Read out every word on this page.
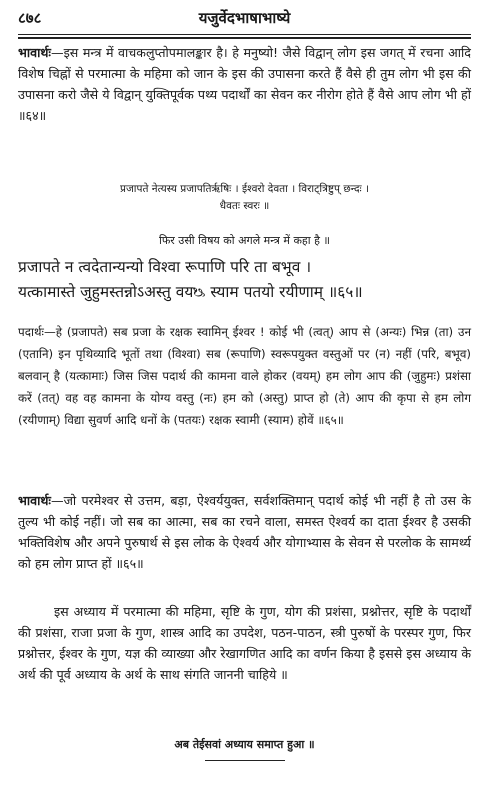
८७८	यजुर्वेदभाषाभाष्ये
भावार्थः—इस मन्त्र में वाचकलुप्तोपमालङ्कार है। हे मनुष्यो! जैसे विद्वान् लोग इस जगत् में रचना आदि विशेष चिह्नों से परमात्मा के महिमा को जान के इस की उपासना करते हैं वैसे ही तुम लोग भी इस की उपासना करो जैसे ये विद्वान् युक्तिपूर्वक पथ्य पदार्थों का सेवन कर नीरोग होते हैं वैसे आप लोग भी हों ॥६४॥
प्रजापते नेत्यस्य प्रजापतिर्ऋषिः । ईश्वरो देवता । विराट्त्रिष्टुप् छन्दः ।
धैवतः स्वरः ॥
फिर उसी विषय को अगले मन्त्र में कहा है ॥
प्रजापते न त्वदेतान्यन्यो विश्वा रूपाणि परि ता बभूव ।
यत्कामास्ते जुहुमस्तन्नोऽअस्तु वयᳬ स्याम पतयो रयीणाम् ॥६५॥
पदार्थः—हे (प्रजापते) सब प्रजा के रक्षक स्वामिन् ईश्वर ! कोई भी (त्वत्) आप से (अन्यः) भिन्न (ता) उन (एतानि) इन पृथिव्यादि भूतों तथा (विश्वा) सब (रूपाणि) स्वरूपयुक्त वस्तुओं पर (न) नहीं (परि, बभूव) बलवान् है (यत्कामाः) जिस जिस पदार्थ की कामना वाले होकर (वयम्) हम लोग आप की (जुहुमः) प्रशंसा करें (तत्) वह वह कामना के योग्य वस्तु (नः) हम को (अस्तु) प्राप्त हो (ते) आप की कृपा से हम लोग (रयीणाम्) विद्या सुवर्ण आदि धनों के (पतयः) रक्षक स्वामी (स्याम) होवें ॥६५॥
भावार्थः—जो परमेश्वर से उत्तम, बड़ा, ऐश्वर्ययुक्त, सर्वशक्तिमान् पदार्थ कोई भी नहीं है तो उस के तुल्य भी कोई नहीं। जो सब का आत्मा, सब का रचने वाला, समस्त ऐश्वर्य का दाता ईश्वर है उसकी भक्तिविशेष और अपने पुरुषार्थ से इस लोक के ऐश्वर्य और योगाभ्यास के सेवन से परलोक के सामर्थ्य को हम लोग प्राप्त हों ॥६५॥
इस अध्याय में परमात्मा की महिमा, सृष्टि के गुण, योग की प्रशंसा, प्रश्नोत्तर, सृष्टि के पदार्थों की प्रशंसा, राजा प्रजा के गुण, शास्त्र आदि का उपदेश, पठन-पाठन, स्त्री पुरुषों के परस्पर गुण, फिर प्रश्नोत्तर, ईश्वर के गुण, यज्ञ की व्याख्या और रेखागणित आदि का वर्णन किया है इससे इस अध्याय के अर्थ की पूर्व अध्याय के अर्थ के साथ संगति जाननी चाहिये ॥
अब तेईसवां अध्याय समाप्त हुआ ॥
